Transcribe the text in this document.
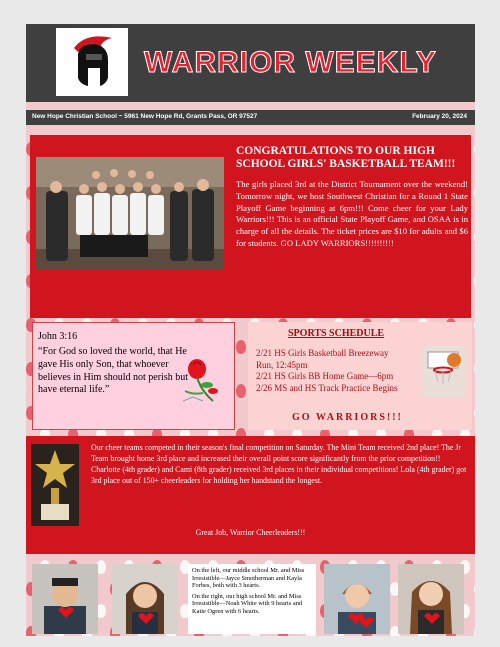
WARRIOR WEEKLY
New Hope Christian School ~ 5961 New Hope Rd, Grants Pass, OR 97527	February 20, 2024
CONGRATULATIONS TO OUR HIGH SCHOOL GIRLS' BASKETBALL TEAM!!!
The girls placed 3rd at the District Tournament over the weekend! Tomorrow night, we host Southwest Christian for a Round 1 State Playoff Game beginning at 6pm!!! Come cheer for your Lady Warriors!!! This is an official State Playoff Game, and OSAA is in charge of all the details. The ticket prices are $10 for adults and $6 for students. GO LADY WARRIORS!!!!!!!!!!
John 3:16
“For God so loved the world, that He gave His only Son, that whoever believes in Him should not perish but have eternal life.”
SPORTS SCHEDULE
2/21 HS Girls Basketball Breezeway Run, 12:45pm
2/21 HS Girls BB Home Game—6pm
2/26 MS and HS Track Practice Begins
GO WARRIORS!!!
Our cheer teams competed in their season's final competition on Saturday. The Mini Team received 2nd place! The Jr Team brought home 3rd place and increased their overall point score significantly from the prior competition!! Charlotte (4th grader) and Cami (8th grader) received 3rd places in their individual competitions! Lola (4th grader) got 3rd place out of 150+ cheerleaders for holding her handstand the longest.
Great Job, Warrior Cheerleaders!!!

On the left, our middle school Mr. and Miss Irresistible—Jayce Smotherman and Kayla Forbes, both with 3 hearts.

On the right, our high school Mr. and Miss Irresistible—Noah White with 9 hearts and Katie Ogren with 6 hearts.
